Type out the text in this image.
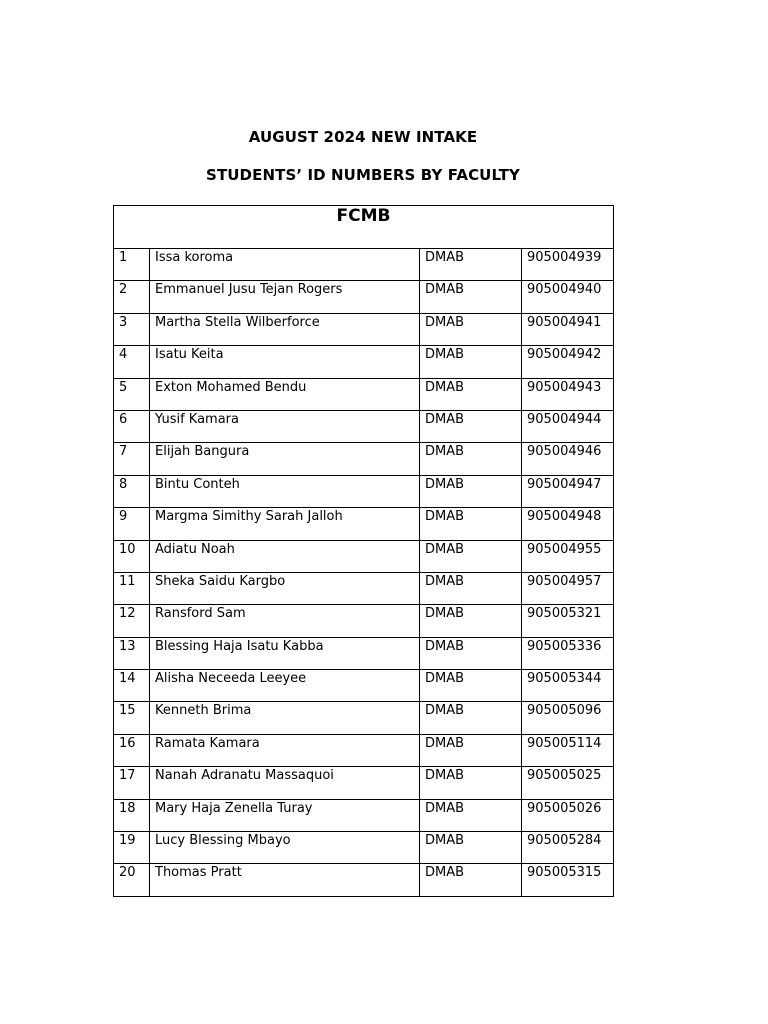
AUGUST 2024 NEW INTAKE
STUDENTS’ ID NUMBERS BY FACULTY
FCMB			
1	Issa koroma	DMAB	905004939
2	Emmanuel Jusu Tejan Rogers	DMAB	905004940
3	Martha Stella Wilberforce	DMAB	905004941
4	Isatu Keita	DMAB	905004942
5	Exton Mohamed Bendu	DMAB	905004943
6	Yusif Kamara	DMAB	905004944
7	Elijah Bangura	DMAB	905004946
8	Bintu Conteh	DMAB	905004947
9	Margma Simithy Sarah Jalloh	DMAB	905004948
10	Adiatu Noah	DMAB	905004955
11	Sheka Saidu Kargbo	DMAB	905004957
12	Ransford Sam	DMAB	905005321
13	Blessing Haja Isatu Kabba	DMAB	905005336
14	Alisha Neceeda Leeyee	DMAB	905005344
15	Kenneth Brima	DMAB	905005096
16	Ramata Kamara	DMAB	905005114
17	Nanah Adranatu Massaquoi	DMAB	905005025
18	Mary Haja Zenella Turay	DMAB	905005026
19	Lucy Blessing Mbayo	DMAB	905005284
20	Thomas Pratt	DMAB	905005315
